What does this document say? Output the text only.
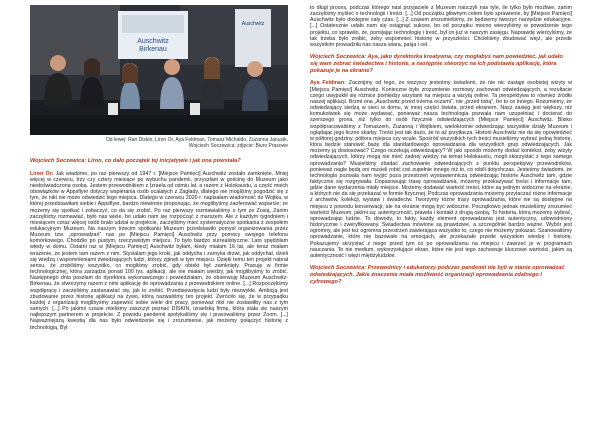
Auschwitz
Birkenau
Auschwitz
Od lewej: Ran Diskin, Liron Or, Aya Feldman, Tomasz Michaldo, Zuzanna Janusik,
Wojciech Soczewica; zdjęcie: Biuro Prasowe

Wojciech Soczewica: Liron, co dało początek tej inicjatywie i jak ona powstała?

Liron Or: Jak wiadomo, po raz pierwszy od 1947 r. [Miejsce Pamięci] Auschwitz zostało zamknięte. Mniej więcej w czerwcu, trzy czy cztery miesiące po wybuchu pandemii, przyszłam w gościnę do Muzeum jako niedoświadczona osoba. Jestem przewodnikiem z Izraela od ośmiu lat, a razem z Holokaustu, a część moich obowiązków w Appsflyer dotyczy wspierania osób ocalałych z Zagłady, dlatego nie mogliśmy pogodzić się z tym, że nikt nie może odwiedzić tego miejsca. Dlatego w czerwcu 2020 r. napisałam wiadomość do Wojtka, w której przedstawiłam siebie i Appsflyer, bardzo niewinnie proponując, że moglibyśmy zaoferować wsparcie; że możemy się spotkać i zobaczyć, co da się zrobić. Po raz pierwszy rozmawialiśmy o tym ze Zosią. Zanim zaczęliśmy rozmawiać, było nas wiele, bo udało nam się rozpocząć z marszem. Ale z każdym tygodniem i miesiącem coraz więcej osób brało udział w projekcie, zaczęliśmy mieć systematyczne spotkania z zespołem edukacyjnym Muzeum. Na naszym trzecim spotkaniu Muzeum przedstawiło pomysł organizowania przez Muzeum tzw. „oprowadzań” nas po [Miejscu Pamięci] Auschwitz przy pomocy swojego telefonu komórkowego. Chodziło po pustym, rzeczywistym miejscu. To było bardzo surrealistyczne. Lato spędziłam wtedy w domu. Ostatni raz w [Miejscu Pamięci] Auschwitz byłam, kiedy miałam 16 lat, ale teraz miałam wrażenie, że jestem tam razem z nim. Stysialam jego kroki, jak oddycha i zamyka drzwi, jak oddychał, dzieli się wiedzą i wspomnieniami zwiedzających ludzi, którzy zginęli w tym miejscu. Dzięki temu ten projekt nabrał sensu, że zrobiliśmy wszystko, co mogliśmy zrobić, gdy obiekt był zamknięty. Pracuję w firmie technologicznej, która zarządza ponad 100 tys. aplikacji, ale nie miałam wiedzy, jak moglibyśmy to zrobić. Następnego dnia poszłam do dyrektora wykonawczego i powiedziałam, że obserwuję Muzeum Auschwitz-Birkenau, że stworzymy razem z nimi aplikację do oprowadzania z przewodnikiem online. [...] Rozpoczęliśmy współpracę i zaczęliśmy zastanawiać się, jak to zrobić. Przedsięwzięcia ludzi były niezwykłe. Ambicją jest zbudowanie przez historię aplikacji na żywo, którą nazwaliśmy ten projekt. Zwróciło się, że w przypadku każdej z organizacji moglibyśmy zapewnić sobie wiele dni pracy, ponieważ nikt nie zostawiłby nas z tym samych. [...] Po jakimś czasie mieliśmy zaszczyt poznać DISKIN, izraelską firmę, która stała się naszym najlepszym partnerem w projekcie. Z powodu pandemii spotykaliśmy się i pracowaliśmy przez Zoom. [...] Najważniejszą kwestią dla nas było odwiedzenie się i zrozumienie, jak możemy połączyć historię z technologią. Był

to długi proces, podczas którego nasi przyjaciele z Muzeum nauczyli nas tyle, ile tylko było możliwe, zanim zaczęliśmy myśleć o technologii i treści. [...] Od początku głównym celem było sprawienie, by [Miejsce Pamięci] Auschwitz było dostępne cały czas. [...] Z czasem zrozumieliśmy, że będziemy tworzyć narzędzie edukacyjne. [...] Ostatecznie udało nam się osiągnąć sukces, bo od początku mocno wierzyliśmy w powodzenie tego projektu, co sprawiło, że, pomijając technologię i treść, był on już w naszym zasięgu. Naprawdę wierzyliśmy, że tak trzeba było zrobić, żeby wspomnieć historię w przyszłości. Chcieliśmy zbudować więź, ale przede wszystkim prowadziła nas nasza wiara, pasja i cel.

Wojciech Soczewica: Aya, jako dyrektorka kreatywna, czy mogłabyś nam powiedzieć, jak udało się wam zebrać świadectwa i historie, a następnie stworzyć na ich podstawie aplikację, która pokazuje je na ekranie?

Aya Feldman: Zacznijmy od tego, że wszyscy jesteśmy świadomi, że nie nic zastąpi osobistej wizyty w [Miejscu Pamięci] Auschwitz. Konieczne było zrozumienie rozmowy zachowań odwiedzających, a rezultacie czego uwypuklił się różnice pomiędzy wizytami na miejscu a wizytą online. Ta perspektywa to również źródło naszej aplikacji. Brzmi ona „Auschwitz przed trzema oczami”, nie „przed tobą”, bo to co innego. Rozumiemy, że odwiedzający siedzą w sieci w domu, w innej części świata, przed ekranem. Nasz zasięg jest większy, niż komukolwiek się może wydawać, ponieważ nasza technologia pozwala nam uzupełniać i docierać do szerszego grona, niż tylko do osób fizycznie odwiedzających [Miejsce Pamięci] Auschwitz. Blisko współpracowaliśmy z Tomaszem, Zuzanną i Wojtkiem, wielokrotnie odwiedzając wszystkie działy Muzeum i oglądając jego liczne skarby. Treści jest tak dużo, że to aż przytłacza. Historii Auschwitz nie da się opowiedzieć w półtorej godziny, półtora miejsca czy wcale. Spośród wszystkich tych treści musieliśmy wybrać jedną historię, która będzie stanowić bazę dla standardowego oprowadzania dla wszystkich grup odwiedzających. Jak możemy ją dostosować? Czego oczekują odwiedzający? W jaki sposób możemy dodać kontekst, żeby wizyty odwiedzających, którzy mogą nie mieć żadnej wiedzy na temat Holokaustu, mogli skorzystać z tego samego oprowadzania? Musieliśmy zbadać zachowanie odwiedzających z punktu perspektywy przewodników, ponieważ nagle będą oni musieli robić coś zupełnie innego niż to, co robili dotychczas. Jesteśmy świadomi, że technologia pozwala nam wyjść poza przestrzeń wystawienniczą odwiedzając historie Auschwitz tam, gdzie faktycznie się rozgrywała. Dopasowując trasę oprowadzania, możemy przekazywać treści i informacje tam, gdzie dane wydarzenia miały miejsce. Możemy dodawać wartość treści, które są jednym widoczne na ekranie, a których nie da się przekazać w formie fizycznej. Podczas oprowadzania możemy przytaczać różne informacje z archiwów, kolekcji, wystaw i świadectw. Tworzymy różne trasy oprowadzania, które nie są dostępne na miejscu z powodu konserwacji, ale na ekranie mogą być widoczne. Początkowo jednak musieliśmy zrozumieć wartości Muzeum, jakimi są: autentyczność, prawda i kontakt z drugą osobą. To historia, którą możemy wybrać, oprowadzając ludzie. To dowody, to fakty, każdy element oprowadzania jest autentyczny, udowodniony historycznie i zweryfikowany. Świadectwa mówione są prawdziwe, a szczególnie bardzo ważne. Wybór jest ogromny, ale jest też ogromna przestrzeń zawierająca wszystko to, czego nie możemy pokazać. Szanowaliśmy oprowadzanie, które nie bazowało na emocjach, ale przekazało przede wszystkim wiedzę i historię. Pokazujemy skrzystać z niego przed tym co po oprowadzaniu na miejscu i zawrzeć je w programach nauczania. To nie medium, wykorzystujące ekran, które nie jest tego zachowuje kluczowe wartości, jakim są autentyczność i więzi międzyludzkie.

Wojciech Soczewica: Przewodnicy i edukatorzy podczas pandemii nie byli w stanie oprowadzać odwiedzających. Jakie znaczenie miała możliwość organizacji oprowadzania zdalnego i cyfrowego?
